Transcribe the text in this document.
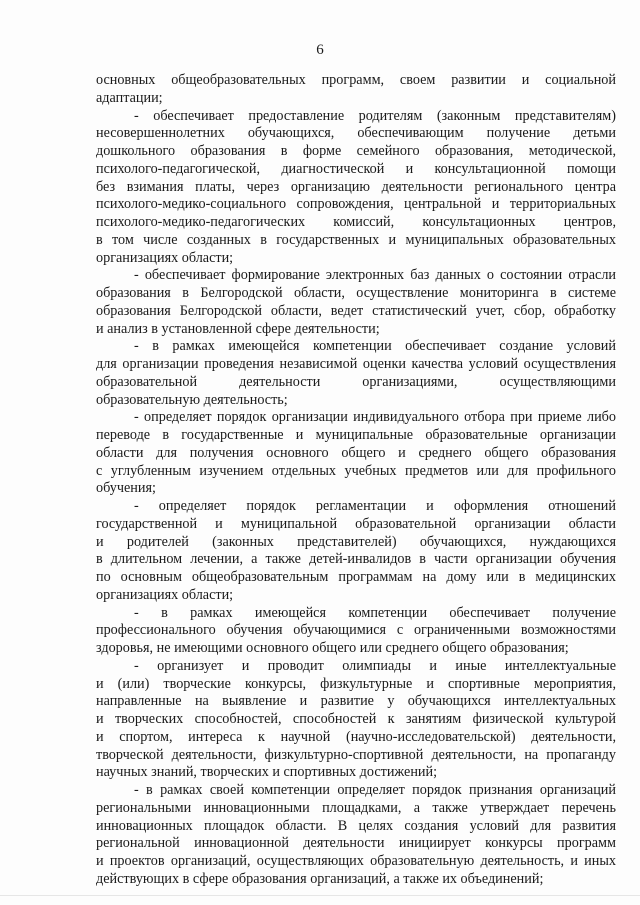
6
основных общеобразовательных программ, своем развитии и социальной
адаптации;
- обеспечивает предоставление родителям (законным представителям)
несовершеннолетних обучающихся, обеспечивающим получение детьми
дошкольного образования в форме семейного образования, методической,
психолого-педагогической, диагностической и консультационной помощи
без взимания платы, через организацию деятельности регионального центра
психолого-медико-социального сопровождения, центральной и территориальных
психолого-медико-педагогических комиссий, консультационных центров,
в том числе созданных в государственных и муниципальных образовательных
организациях области;
- обеспечивает формирование электронных баз данных о состоянии отрасли
образования в Белгородской области, осуществление мониторинга в системе
образования Белгородской области, ведет статистический учет, сбор, обработку
и анализ в установленной сфере деятельности;
- в рамках имеющейся компетенции обеспечивает создание условий
для организации проведения независимой оценки качества условий осуществления
образовательной деятельности организациями, осуществляющими
образовательную деятельность;
- определяет порядок организации индивидуального отбора при приеме либо
переводе в государственные и муниципальные образовательные организации
области для получения основного общего и среднего общего образования
с углубленным изучением отдельных учебных предметов или для профильного
обучения;
- определяет порядок регламентации и оформления отношений
государственной и муниципальной образовательной организации области
и родителей (законных представителей) обучающихся, нуждающихся
в длительном лечении, а также детей-инвалидов в части организации обучения
по основным общеобразовательным программам на дому или в медицинских
организациях области;
- в рамках имеющейся компетенции обеспечивает получение
профессионального обучения обучающимися с ограниченными возможностями
здоровья, не имеющими основного общего или среднего общего образования;
- организует и проводит олимпиады и иные интеллектуальные
и (или) творческие конкурсы, физкультурные и спортивные мероприятия,
направленные на выявление и развитие у обучающихся интеллектуальных
и творческих способностей, способностей к занятиям физической культурой
и спортом, интереса к научной (научно-исследовательской) деятельности,
творческой деятельности, физкультурно-спортивной деятельности, на пропаганду
научных знаний, творческих и спортивных достижений;
- в рамках своей компетенции определяет порядок признания организаций
региональными инновационными площадками, а также утверждает перечень
инновационных площадок области. В целях создания условий для развития
региональной инновационной деятельности инициирует конкурсы программ
и проектов организаций, осуществляющих образовательную деятельность, и иных
действующих в сфере образования организаций, а также их объединений;
